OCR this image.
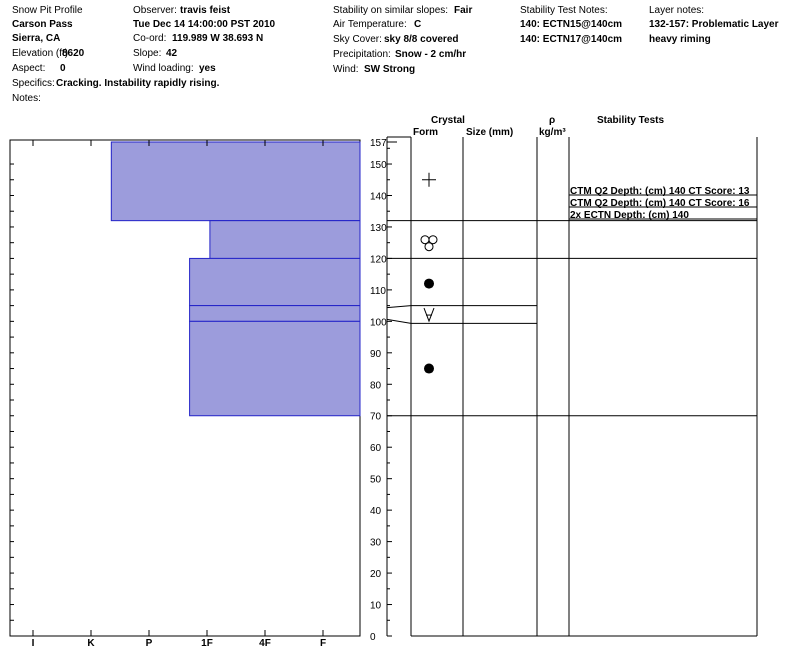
Snow Pit Profile
Carson Pass
Sierra, CA
Elevation (ft)
8620
Aspect: 0
Specifics: Cracking. Instability rapidly rising.
Notes:
Observer: travis feist
Tue Dec 14 14:00:00 PST 2010
Co-ord: 119.989 W 38.693 N
Slope: 42
Wind loading: yes
Stability on similar slopes: Fair
Air Temperature: C
Sky Cover: sky 8/8 covered
Precipitation: Snow - 2 cm/hr
Wind: SW Strong
Stability Test Notes:
140: ECTN15@140cm
140: ECTN17@140cm
Layer notes:
132-157: Problematic Layer
heavy riming
Crystal
Form	Size (mm)
ρ
kg/m³
Stability Tests
CTM Q2 Depth: (cm) 140 CT Score: 13
CTM Q2 Depth: (cm) 140 CT Score: 16
2x ECTN Depth: (cm) 140
I	K	P	1F	4F	F
0
10
20
30
40
50
60
70
80
90
100
110
120
130
140
150
157
